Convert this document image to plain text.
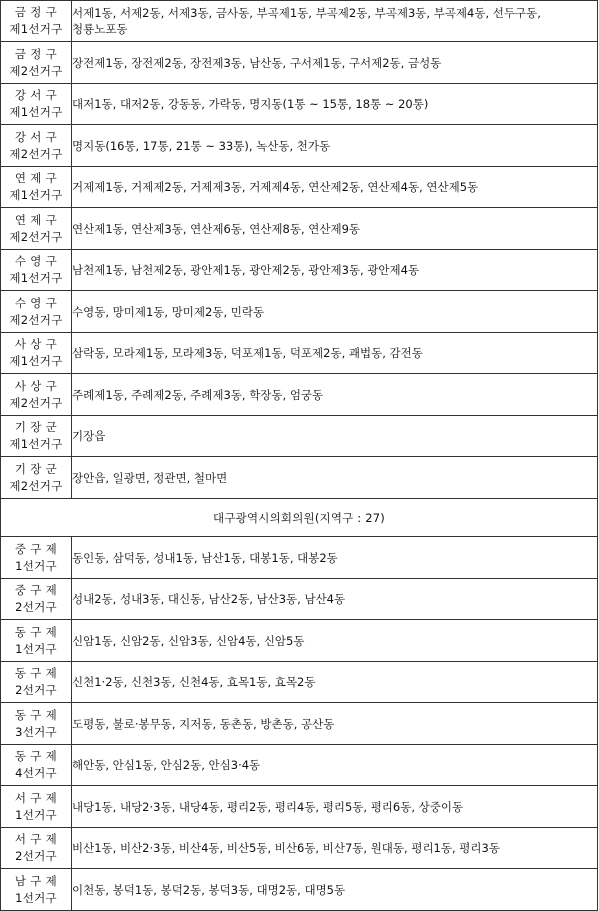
금 정 구
제1선거구	서제1동, 서제2동, 서제3동, 금사동, 부곡제1동, 부곡제2동, 부곡제3동, 부곡제4동, 선두구동, 청룡노포동
금 정 구
제2선거구	장전제1동, 장전제2동, 장전제3동, 남산동, 구서제1동, 구서제2동, 금성동
강 서 구
제1선거구	대저1동, 대저2동, 강동동, 가락동, 명지동(1통 ~ 15통, 18통 ~ 20통)
강 서 구
제2선거구	명지동(16통, 17통, 21통 ~ 33통), 녹산동, 천가동
연 제 구
제1선거구	거제제1동, 거제제2동, 거제제3동, 거제제4동, 연산제2동, 연산제4동, 연산제5동
연 제 구
제2선거구	연산제1동, 연산제3동, 연산제6동, 연산제8동, 연산제9동
수 영 구
제1선거구	남천제1동, 남천제2동, 광안제1동, 광안제2동, 광안제3동, 광안제4동
수 영 구
제2선거구	수영동, 망미제1동, 망미제2동, 민락동
사 상 구
제1선거구	삼락동, 모라제1동, 모라제3동, 덕포제1동, 덕포제2동, 괘법동, 감전동
사 상 구
제2선거구	주례제1동, 주례제2동, 주례제3동, 학장동, 엄궁동
기 장 군
제1선거구	기장읍
기 장 군
제2선거구	장안읍, 일광면, 정관면, 철마면
대구광역시의회의원(지역구 : 27)	
중 구 제
1선거구	동인동, 삼덕동, 성내1동, 남산1동, 대봉1동, 대봉2동
중 구 제
2선거구	성내2동, 성내3동, 대신동, 남산2동, 남산3동, 남산4동
동 구 제
1선거구	신암1동, 신암2동, 신암3동, 신암4동, 신암5동
동 구 제
2선거구	신천1·2동, 신천3동, 신천4동, 효목1동, 효목2동
동 구 제
3선거구	도평동, 불로·봉무동, 지저동, 동촌동, 방촌동, 공산동
동 구 제
4선거구	해안동, 안심1동, 안심2동, 안심3·4동
서 구 제
1선거구	내당1동, 내당2·3동, 내당4동, 평리2동, 평리4동, 평리5동, 평리6동, 상중이동
서 구 제
2선거구	비산1동, 비산2·3동, 비산4동, 비산5동, 비산6동, 비산7동, 원대동, 평리1동, 평리3동
남 구 제
1선거구	이천동, 봉덕1동, 봉덕2동, 봉덕3동, 대명2동, 대명5동
